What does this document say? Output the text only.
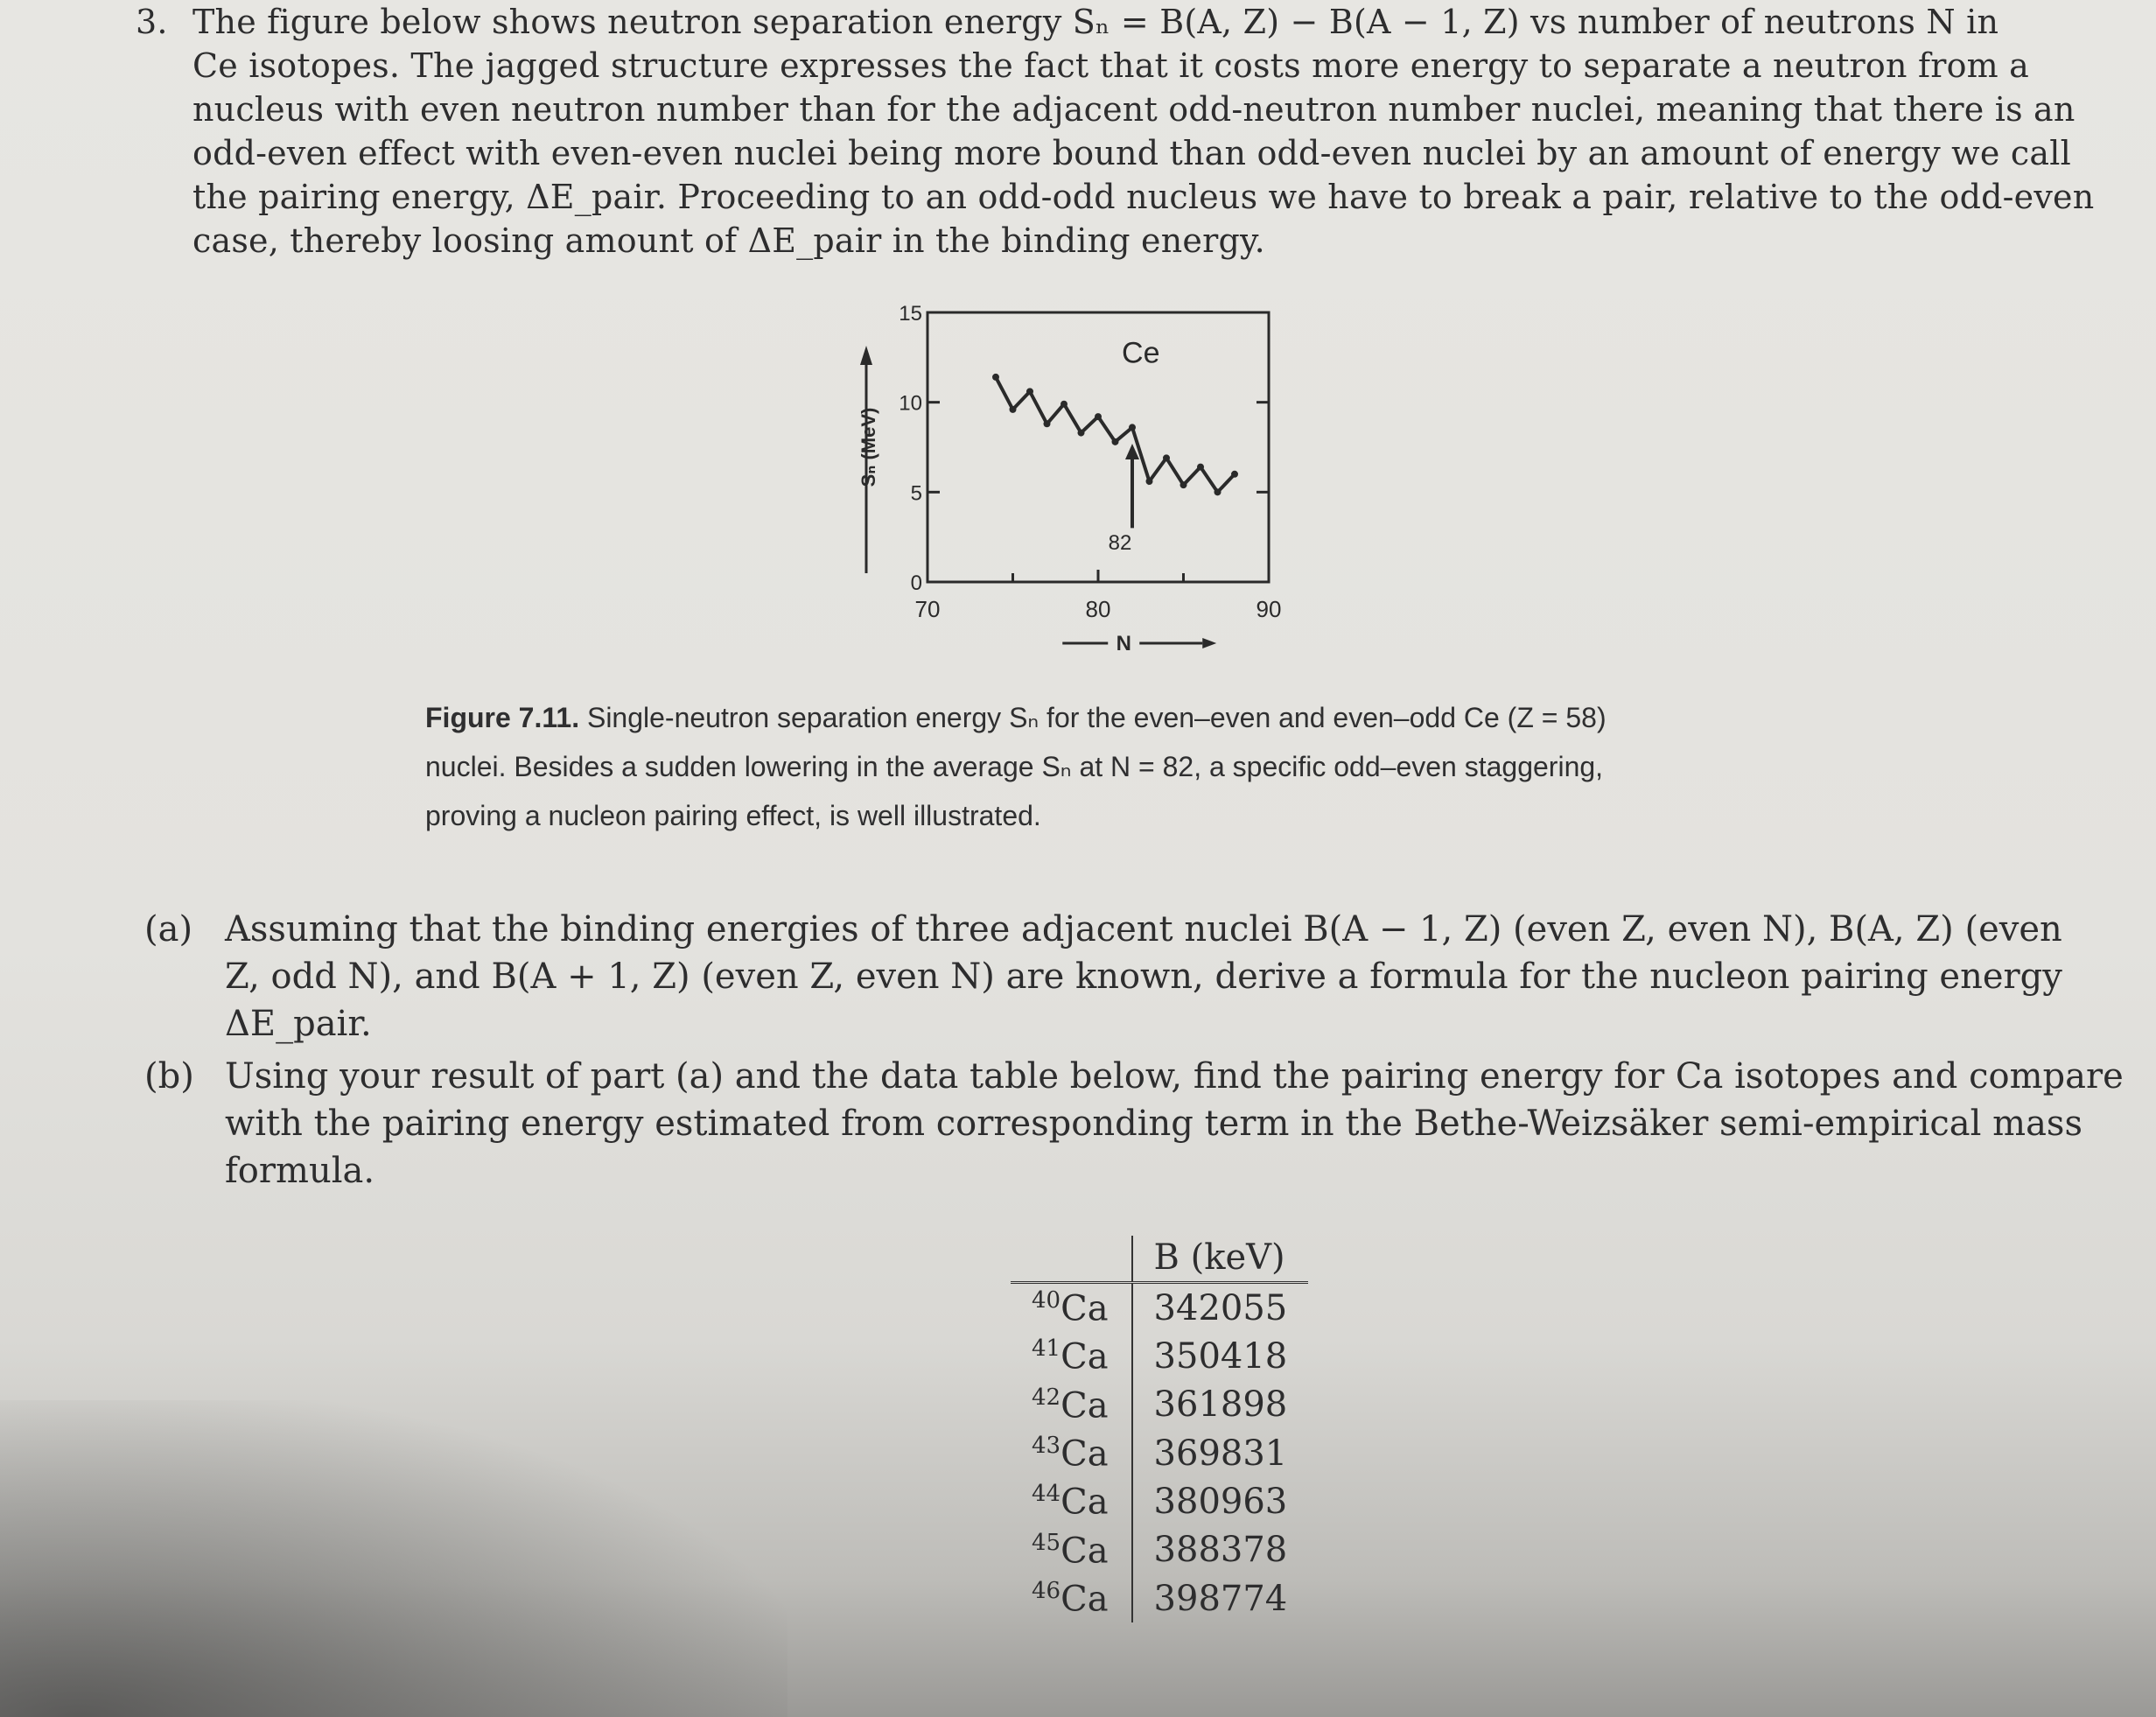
3. The figure below shows neutron separation energy Sₙ = B(A, Z) − B(A − 1, Z) vs number of neutrons N in
Ce isotopes. The jagged structure expresses the fact that it costs more energy to separate a neutron from a
nucleus with even neutron number than for the adjacent odd-neutron number nuclei, meaning that there is an
odd-even effect with even-even nuclei being more bound than odd-even nuclei by an amount of energy we call
the pairing energy, ΔE_pair. Proceeding to an odd-odd nucleus we have to break a pair, relative to the odd-even
case, thereby loosing amount of ΔE_pair in the binding energy.

0
5
10
15
70	80	90
Ce
82
Sₙ (MeV)
N
Figure 7.11. Single-neutron separation energy Sₙ for the even–even and even–odd Ce (Z = 58)
nuclei. Besides a sudden lowering in the average Sₙ at N = 82, a specific odd–even staggering,
proving a nucleon pairing effect, is well illustrated.
(a) Assuming that the binding energies of three adjacent nuclei B(A − 1, Z) (even Z, even N), B(A, Z) (even
Z, odd N), and B(A + 1, Z) (even Z, even N) are known, derive a formula for the nucleon pairing energy
ΔE_pair.
(b) Using your result of part (a) and the data table below, find the pairing energy for Ca isotopes and compare
with the pairing energy estimated from corresponding term in the Bethe-Weizsäker semi-empirical mass
formula.
	B (keV)
$^{40}$Ca	342055
$^{41}$Ca	350418
$^{42}$Ca	361898
$^{43}$Ca	369831
$^{44}$Ca	380963
$^{45}$Ca	388378
$^{46}$Ca	398774
